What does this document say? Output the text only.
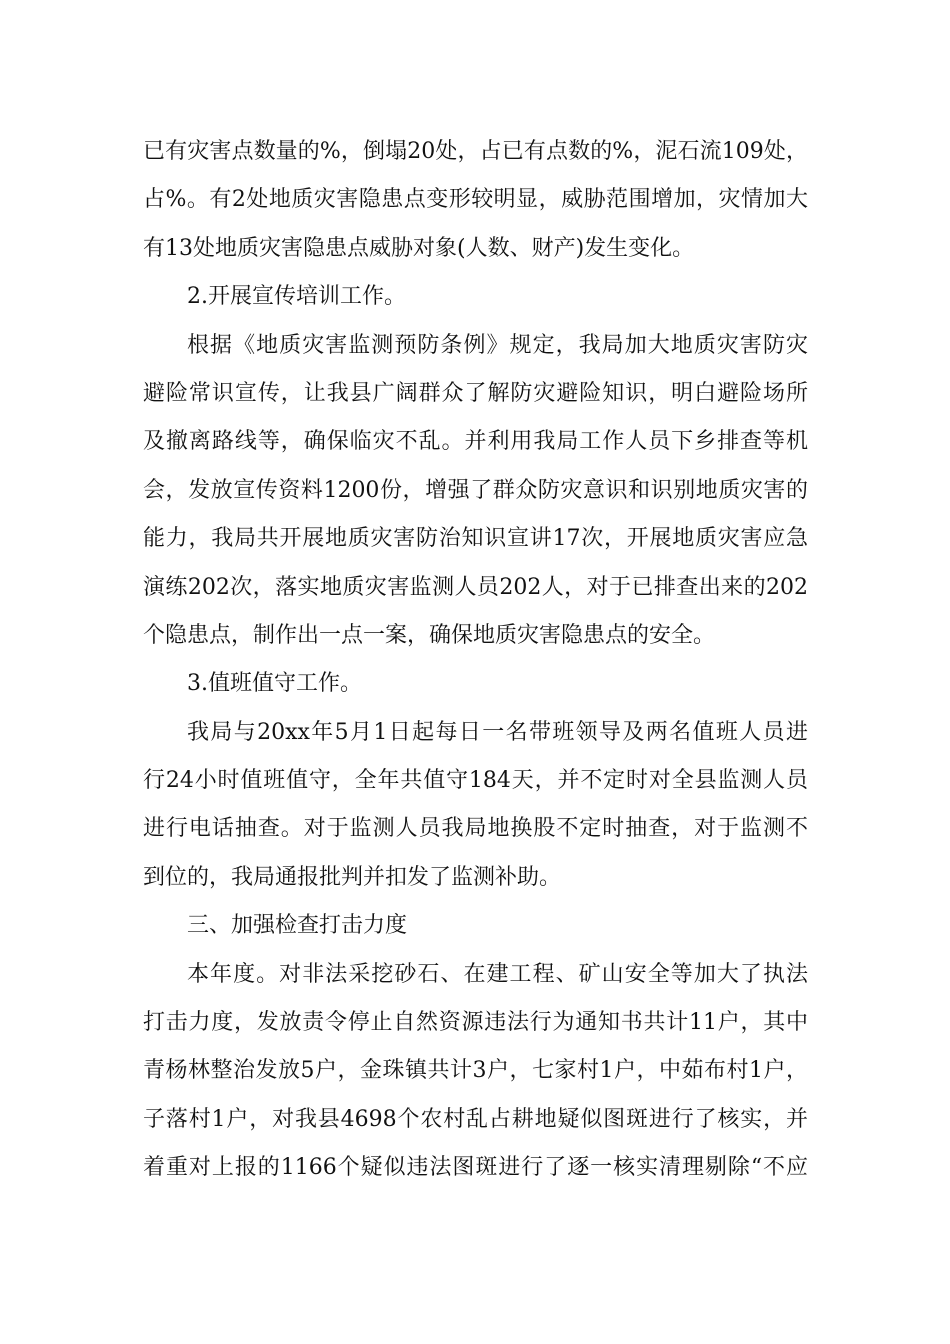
已有灾害点数量的%，倒塌20处，占已有点数的%，泥石流109处，
占%。有2处地质灾害隐患点变形较明显，威胁范围增加，灾情加大
有13处地质灾害隐患点威胁对象(人数、财产)发生变化。
2.开展宣传培训工作。
根据《地质灾害监测预防条例》规定，我局加大地质灾害防灾
避险常识宣传，让我县广阔群众了解防灾避险知识，明白避险场所
及撤离路线等，确保临灾不乱。并利用我局工作人员下乡排查等机
会，发放宣传资料1200份，增强了群众防灾意识和识别地质灾害的
能力，我局共开展地质灾害防治知识宣讲17次，开展地质灾害应急
演练202次，落实地质灾害监测人员202人，对于已排查出来的202
个隐患点，制作出一点一案，确保地质灾害隐患点的安全。
3.值班值守工作。
我局与20xx年5月1日起每日一名带班领导及两名值班人员进
行24小时值班值守，全年共值守184天，并不定时对全县监测人员
进行电话抽查。对于监测人员我局地换股不定时抽查，对于监测不
到位的，我局通报批判并扣发了监测补助。
三、加强检查打击力度
本年度。对非法采挖砂石、在建工程、矿山安全等加大了执法
打击力度，发放责令停止自然资源违法行为通知书共计11户，其中
青杨林整治发放5户，金珠镇共计3户，七家村1户，中茹布村1户，
子落村1户，对我县4698个农村乱占耕地疑似图斑进行了核实，并
着重对上报的1166个疑似违法图斑进行了逐一核实清理剔除“不应
